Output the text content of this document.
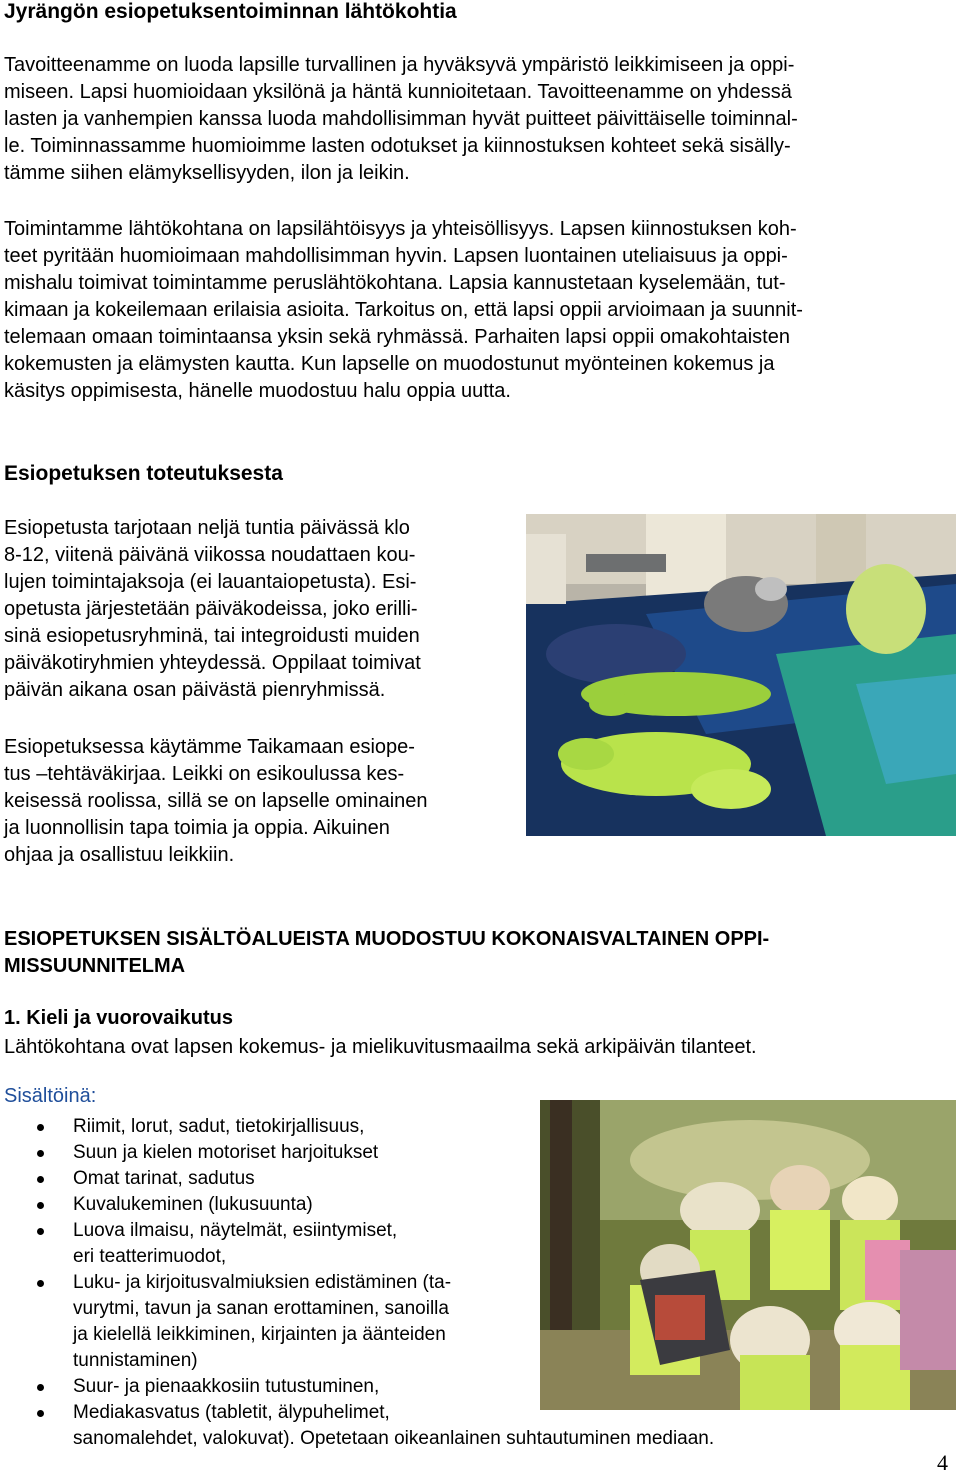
Jyrängön esiopetuksentoiminnan lähtökohtia
Tavoitteenamme on luoda lapsille turvallinen ja hyväksyvä ympäristö leikkimiseen ja oppi-
miseen. Lapsi huomioidaan yksilönä ja häntä kunnioitetaan. Tavoitteenamme on yhdessä
lasten ja vanhempien kanssa luoda mahdollisimman hyvät puitteet päivittäiselle toiminnal-
le. Toiminnassamme huomioimme lasten odotukset ja kiinnostuksen kohteet sekä sisälly-
tämme siihen elämyksellisyyden, ilon ja leikin.
Toimintamme lähtökohtana on lapsilähtöisyys ja yhteisöllisyys. Lapsen kiinnostuksen koh-
teet pyritään huomioimaan mahdollisimman hyvin. Lapsen luontainen uteliaisuus ja oppi-
mishalu toimivat toimintamme peruslähtökohtana. Lapsia kannustetaan kyselemään, tut-
kimaan ja kokeilemaan erilaisia asioita. Tarkoitus on, että lapsi oppii arvioimaan ja suunnit-
telemaan omaan toimintaansa yksin sekä ryhmässä. Parhaiten lapsi oppii omakohtaisten
kokemusten ja elämysten kautta. Kun lapselle on muodostunut myönteinen kokemus ja
käsitys oppimisesta, hänelle muodostuu halu oppia uutta.
Esiopetuksen toteutuksesta
Esiopetusta tarjotaan neljä tuntia päivässä klo
8-12, viitenä päivänä viikossa noudattaen kou-
lujen toimintajaksoja (ei lauantaiopetusta). Esi-
opetusta järjestetään päiväkodeissa, joko erilli-
sinä esiopetusryhminä, tai integroidusti muiden
päiväkotiryhmien yhteydessä. Oppilaat toimivat
päivän aikana osan päivästä pienryhmissä.
Esiopetuksessa käytämme Taikamaan esiope-
tus –tehtäväkirjaa. Leikki on esikoulussa kes-
keisessä roolissa, sillä se on lapselle ominainen
ja luonnollisin tapa toimia ja oppia. Aikuinen
ohjaa ja osallistuu leikkiin.
ESIOPETUKSEN SISÄLTÖALUEISTA MUODOSTUU KOKONAISVALTAINEN OPPI-
MISSUUNNITELMA
1. Kieli ja vuorovaikutus
Lähtökohtana ovat lapsen kokemus- ja mielikuvitusmaailma sekä arkipäivän tilanteet.
Sisältöinä:
Riimit, lorut, sadut, tietokirjallisuus,
Suun ja kielen motoriset harjoitukset
Omat tarinat, sadutus
Kuvalukeminen (lukusuunta)
Luova ilmaisu, näytelmät, esiintymiset,
eri teatterimuodot,
Luku- ja kirjoitusvalmiuksien edistäminen (ta-
vurytmi, tavun ja sanan erottaminen, sanoilla
ja kielellä leikkiminen, kirjainten ja äänteiden
tunnistaminen)
Suur- ja pienaakkosiin tutustuminen,
Mediakasvatus (tabletit, älypuhelimet,
sanomalehdet, valokuvat). Opetetaan oikeanlainen suhtautuminen mediaan.
4
